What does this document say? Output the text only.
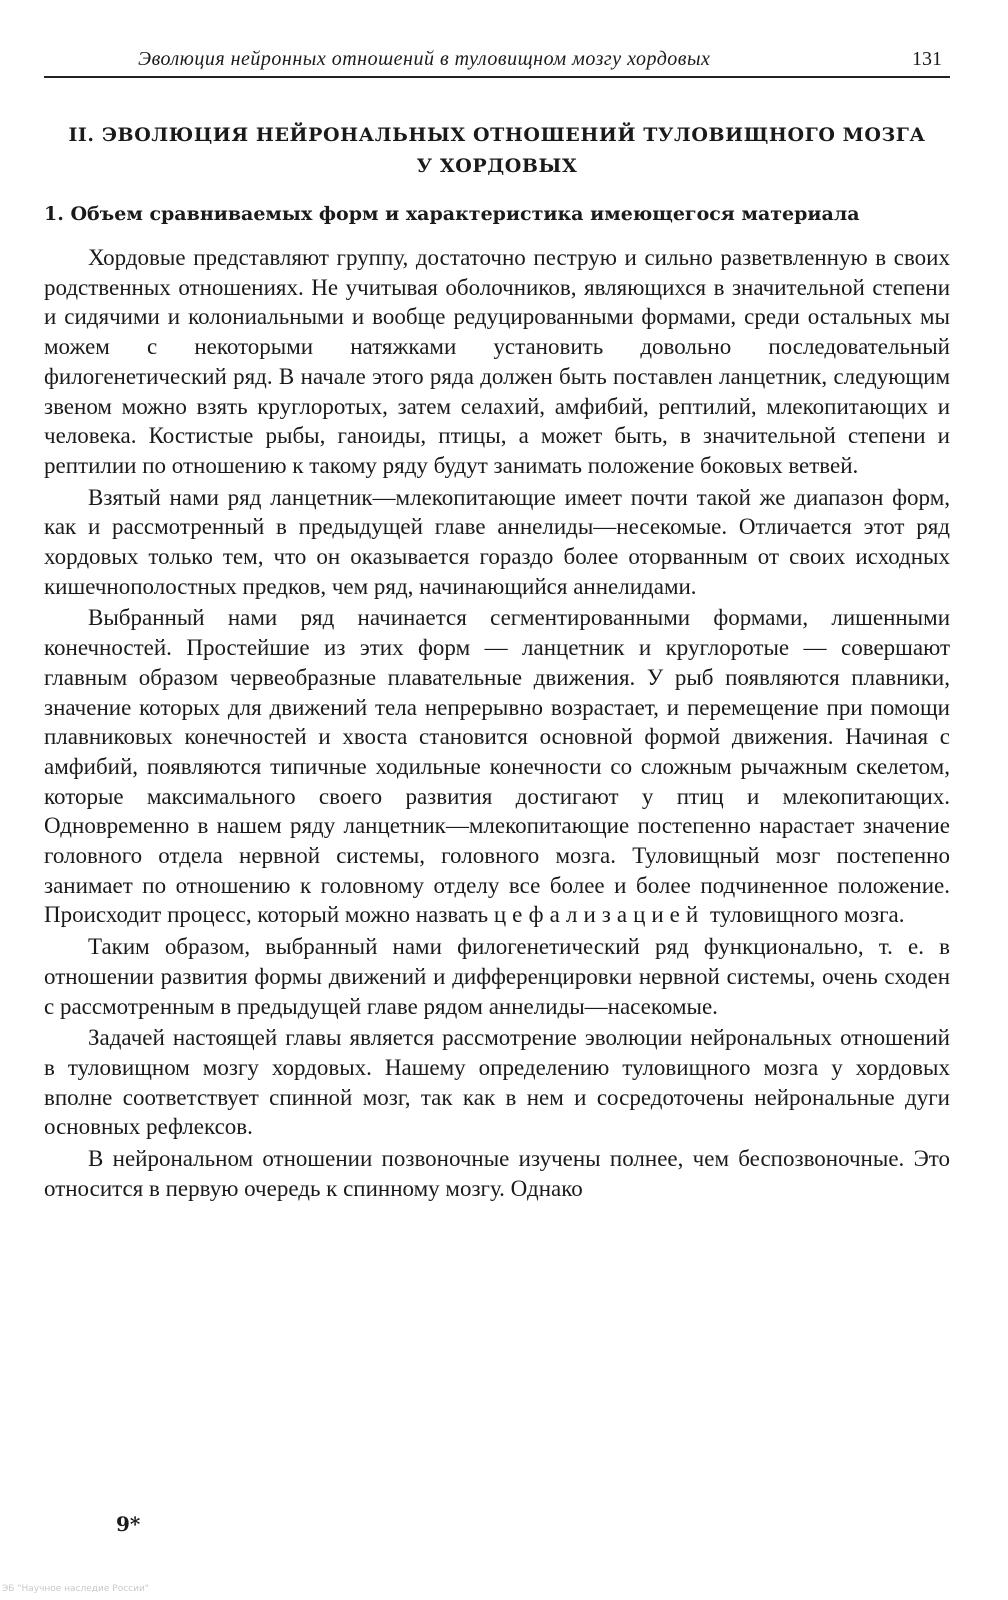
Эволюция нейронных отношений в туловищном мозгу хордовых	131
II. ЭВОЛЮЦИЯ НЕЙРОНАЛЬНЫХ ОТНОШЕНИЙ ТУЛОВИЩНОГО МОЗГА
У ХОРДОВЫХ
1. Объем сравниваемых форм и характеристика имеющегося материала

Хордовые представляют группу, достаточно пеструю и сильно разветвленную в своих родственных отношениях. Не учитывая оболочников, являющихся в значительной степени и сидячими и колониальными и вообще редуцированными формами, среди остальных мы можем с некоторыми натяжками установить довольно последовательный филогенетический ряд. В начале этого ряда должен быть поставлен ланцетник, следующим звеном можно взять круглоротых, затем селахий, амфибий, рептилий, млекопитающих и человека. Костистые рыбы, ганоиды, птицы, а может быть, в значительной степени и рептилии по отношению к такому ряду будут занимать положение боковых ветвей.

Взятый нами ряд ланцетник—млекопитающие имеет почти такой же диапазон форм, как и рассмотренный в предыдущей главе аннелиды—несекомые. Отличается этот ряд хордовых только тем, что он оказывается гораздо более оторванным от своих исходных кишечнополостных предков, чем ряд, начинающийся аннелидами.

Выбранный нами ряд начинается сегментированными формами, лишенными конечностей. Простейшие из этих форм — ланцетник и круглоротые — совершают главным образом червеобразные плавательные движения. У рыб появляются плавники, значение которых для движений тела непрерывно возрастает, и перемещение при помощи плавниковых конечностей и хвоста становится основной формой движения. Начиная с амфибий, появляются типичные ходильные конечности со сложным рычажным скелетом, которые максимального своего развития достигают у птиц и млекопитающих. Одновременно в нашем ряду ланцетник—млекопитающие постепенно нарастает значение головного отдела нервной системы, головного мозга. Туловищный мозг постепенно занимает по отношению к головному отделу все более и более подчиненное положение. Происходит процесс, который можно назвать цефализацией туловищного мозга.

Таким образом, выбранный нами филогенетический ряд функционально, т. е. в отношении развития формы движений и дифференцировки нервной системы, очень сходен с рассмотренным в предыдущей главе рядом аннелиды—насекомые.

Задачей настоящей главы является рассмотрение эволюции нейрональных отношений в туловищном мозгу хордовых. Нашему определению туловищного мозга у хордовых вполне соответствует спинной мозг, так как в нем и сосредоточены нейрональные дуги основных рефлексов.

В нейрональном отношении позвоночные изучены полнее, чем беспозвоночные. Это относится в первую очередь к спинному мозгу. Однако

9*
ЭБ "Научное наследие России"
